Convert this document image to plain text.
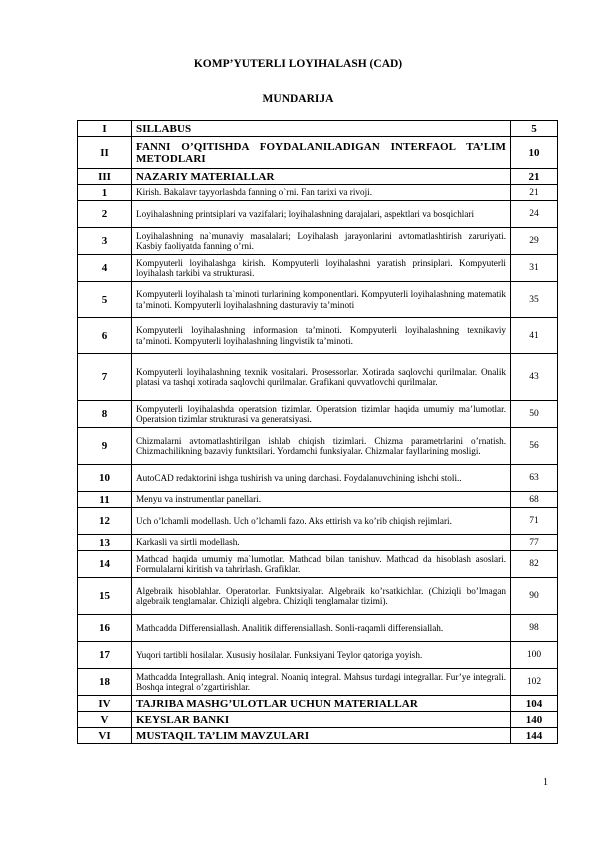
KOMP’YUTERLI LOYIHALASH (CAD)
MUNDARIJA
I	SILLABUS	5
II	FANNI O’QITISHDA FOYDALANILADIGAN INTERFAOL TA’LIM METODLARI	10
III	NAZARIY MATERIALLAR	21
1	Kirish. Bakalavr tayyorlashda fanning o`rni. Fan tarixi va rivoji.	21
2	Loyihalashning printsiplari va vazifalari; loyihalashning darajalari, aspektlari va bosqichlari	24
3	Loyihalashning na`munaviy masalalari; Loyihalash jarayonlarini avtomatlashtirish zaruriyati. Kasbiy faoliyatda fanning o’rni.	29
4	Kompyuterli loyihalashga kirish. Kompyuterli loyihalashni yaratish prinsiplari. Kompyuterli loyihalash tarkibi va strukturasi.	31
5	Kompyuterli loyihalash ta`minoti turlarining komponentlari. Kompyuterli loyihalashning matematik ta’minoti. Kompyuterli loyihalashning dasturaviy ta’minoti	35
6	Kompyuterli loyihalashning informasion ta’minoti. Kompyuterli loyihalashning texnikaviy ta’minoti. Kompyuterli loyihalashning lingvistik ta’minoti.	41
7	Kompyuterli loyihalashning texnik vositalari. Prosessorlar. Xotirada saqlovchi qurilmalar. Onalik platasi va tashqi xotirada saqlovchi qurilmalar. Grafikani quvvatlovchi qurilmalar.	43
8	Kompyuterli loyihalashda operatsion tizimlar. Operatsion tizimlar haqida umumiy ma’lumotlar. Operatsion tizimlar strukturasi va generatsiyasi.	50
9	Chizmalarni avtomatlashtirilgan ishlab chiqish tizimlari. Chizma parametrlarini o’rnatish. Chizmachilikning bazaviy funktsilari. Yordamchi funksiyalar. Chizmalar fayllarining mosligi.	56
10	AutoCAD redaktorini ishga tushirish va uning darchasi. Foydalanuvchining ishchi stoli..	63
11	Menyu va instrumentlar panellari.	68
12	Uch o’lchamli modellash. Uch o’lchamli fazo. Aks ettirish va ko’rib chiqish rejimlari.	71
13	Karkasli va sirtli modellash.	77
14	Mathcad haqida umumiy ma`lumotlar. Mathcad bilan tanishuv. Mathcad da hisoblash asoslari. Formulalarni kiritish va tahrirlash. Grafiklar.	82
15	Algebraik hisoblahlar. Operatorlar. Funktsiyalar. Algebraik ko’rsatkichlar. (Chiziqli bo’lmagan algebraik tenglamalar. Chiziqli algebra. Chiziqli tenglamalar tizimi).	90
16	Mathcadda Differensiallash. Analitik differensiallash. Sonli-raqamli differensiallah.	98
17	Yuqori tartibli hosilalar. Xususiy hosilalar. Funksiyani Teylor qatoriga yoyish.	100
18	Mathcadda Integrallash. Aniq integral. Noaniq integral. Mahsus turdagi integrallar. Fur’ye integrali. Boshqa integral o’zgartirishlar.	102
IV	TAJRIBA MASHG’ULOTLAR UCHUN MATERIALLAR	104
V	KEYSLAR BANKI	140
VI	MUSTAQIL TA’LIM MAVZULARI	144
1
